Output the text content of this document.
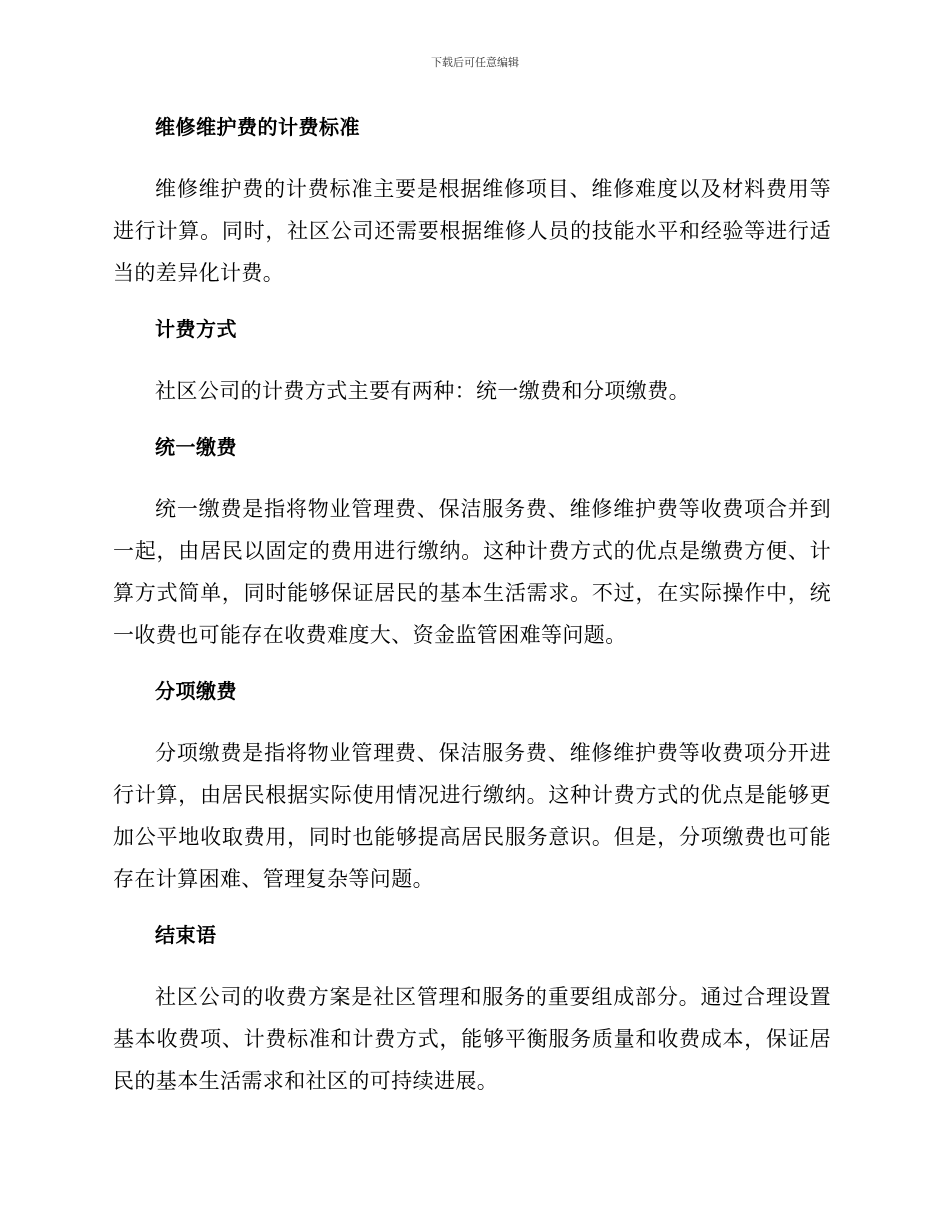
下载后可任意编辑
维修维护费的计费标准

维修维护费的计费标准主要是根据维修项目、维修难度以及材料费用等进行计算。同时，社区公司还需要根据维修人员的技能水平和经验等进行适当的差异化计费。

计费方式

社区公司的计费方式主要有两种：统一缴费和分项缴费。

统一缴费

统一缴费是指将物业管理费、保洁服务费、维修维护费等收费项合并到一起，由居民以固定的费用进行缴纳。这种计费方式的优点是缴费方便、计算方式简单，同时能够保证居民的基本生活需求。不过，在实际操作中，统一收费也可能存在收费难度大、资金监管困难等问题。

分项缴费

分项缴费是指将物业管理费、保洁服务费、维修维护费等收费项分开进行计算，由居民根据实际使用情况进行缴纳。这种计费方式的优点是能够更加公平地收取费用，同时也能够提高居民服务意识。但是，分项缴费也可能存在计算困难、管理复杂等问题。

结束语

社区公司的收费方案是社区管理和服务的重要组成部分。通过合理设置基本收费项、计费标准和计费方式，能够平衡服务质量和收费成本，保证居民的基本生活需求和社区的可持续进展。
